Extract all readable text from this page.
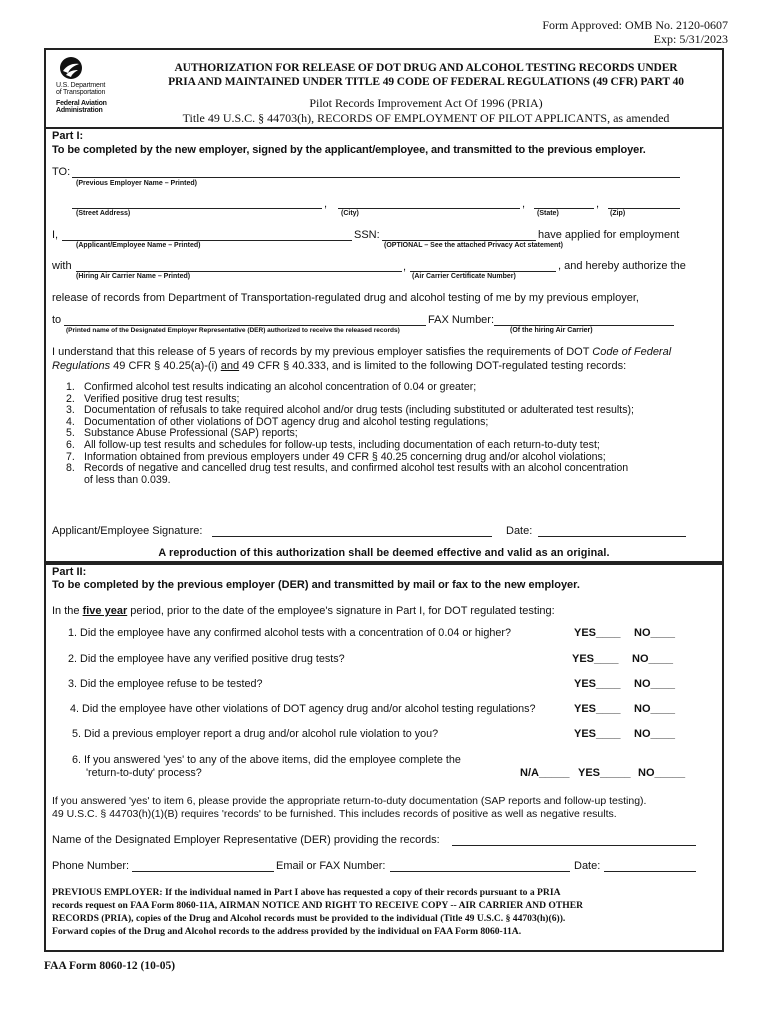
Form Approved: OMB No. 2120-0607
Exp: 5/31/2023
U.S. Department
of Transportation
Federal Aviation
Administration
AUTHORIZATION FOR RELEASE OF DOT DRUG AND ALCOHOL TESTING RECORDS UNDER
PRIA AND MAINTAINED UNDER TITLE 49 CODE OF FEDERAL REGULATIONS (49 CFR) PART 40
Pilot Records Improvement Act Of 1996 (PRIA)
Title 49 U.S.C. § 44703(h), RECORDS OF EMPLOYMENT OF PILOT APPLICANTS, as amended
Part I:
To be completed by the new employer, signed by the applicant/employee, and transmitted to the previous employer.
TO:
(Previous Employer Name – Printed)
,	,	,
(Street Address)	(City)	(State)	(Zip)
I,	SSN:	have applied for employment
(Applicant/Employee Name – Printed)	(OPTIONAL – See the attached Privacy Act statement)
with	,	, and hereby authorize the
(Hiring Air Carrier Name – Printed)	(Air Carrier Certificate Number)
release of records from Department of Transportation-regulated drug and alcohol testing of me by my previous employer,
to	FAX Number:
(Printed name of the Designated Employer Representative (DER) authorized to receive the released records)	(Of the hiring Air Carrier)
I understand that this release of 5 years of records by my previous employer satisfies the requirements of DOT Code of Federal Regulations 49 CFR § 40.25(a)-(i) and 49 CFR § 40.333, and is limited to the following DOT-regulated testing records:
1. Confirmed alcohol test results indicating an alcohol concentration of 0.04 or greater;
2. Verified positive drug test results;
3. Documentation of refusals to take required alcohol and/or drug tests (including substituted or adulterated test results);
4. Documentation of other violations of DOT agency drug and alcohol testing regulations;
5. Substance Abuse Professional (SAP) reports;
6. All follow-up test results and schedules for follow-up tests, including documentation of each return-to-duty test;
7. Information obtained from previous employers under 49 CFR § 40.25 concerning drug and/or alcohol violations;
8. Records of negative and cancelled drug test results, and confirmed alcohol test results with an alcohol concentration
of less than 0.039.
Applicant/Employee Signature:	Date:
A reproduction of this authorization shall be deemed effective and valid as an original.
Part II:
To be completed by the previous employer (DER) and transmitted by mail or fax to the new employer.
In the five year period, prior to the date of the employee's signature in Part I, for DOT regulated testing:
1. Did the employee have any confirmed alcohol tests with a concentration of 0.04 or higher?	YES____ NO____
2. Did the employee have any verified positive drug tests?	YES____ NO____
3. Did the employee refuse to be tested?	YES____ NO____
4. Did the employee have other violations of DOT agency drug and/or alcohol testing regulations?	YES____ NO____
5. Did a previous employer report a drug and/or alcohol rule violation to you?	YES____ NO____
6. If you answered 'yes' to any of the above items, did the employee complete the
'return-to-duty' process?	N/A_____ YES_____ NO_____
If you answered 'yes' to item 6, please provide the appropriate return-to-duty documentation (SAP reports and follow-up testing).
49 U.S.C. § 44703(h)(1)(B) requires 'records' to be furnished. This includes records of positive as well as negative results.
Name of the Designated Employer Representative (DER) providing the records:
Phone Number:	Email or FAX Number:	Date:
PREVIOUS EMPLOYER: If the individual named in Part I above has requested a copy of their records pursuant to a PRIA
records request on FAA Form 8060-11A, AIRMAN NOTICE AND RIGHT TO RECEIVE COPY -- AIR CARRIER AND OTHER
RECORDS (PRIA), copies of the Drug and Alcohol records must be provided to the individual (Title 49 U.S.C. § 44703(h)(6)).
Forward copies of the Drug and Alcohol records to the address provided by the individual on FAA Form 8060-11A.
FAA Form 8060-12 (10-05)
